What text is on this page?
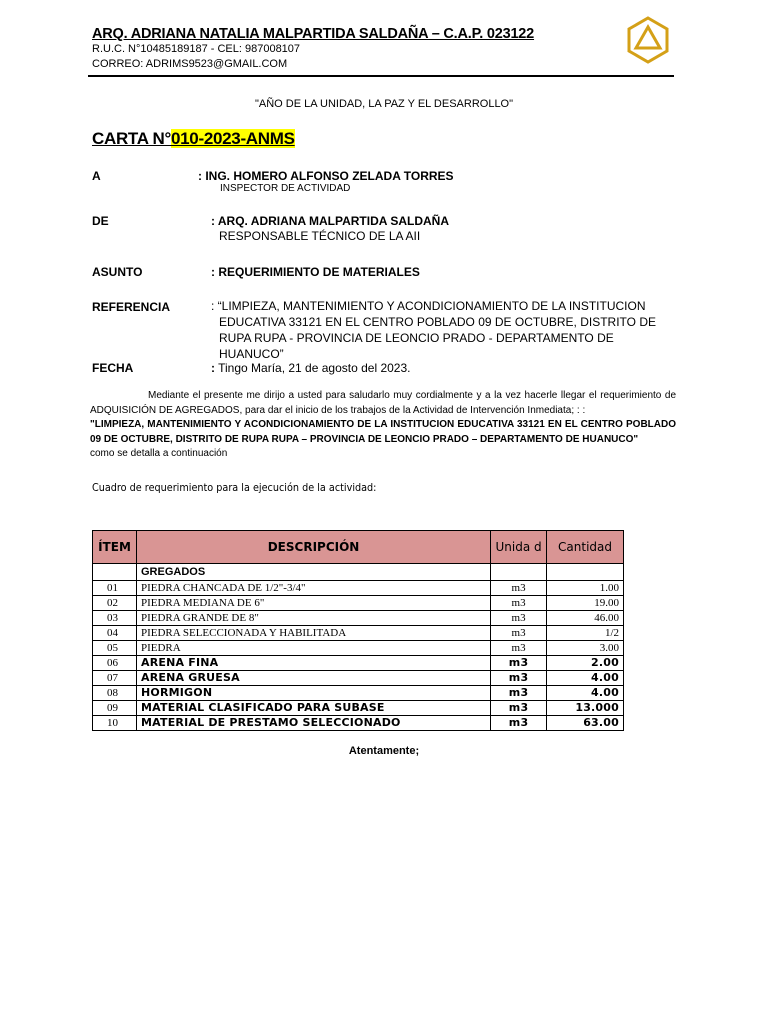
ARQ. ADRIANA NATALIA MALPARTIDA SALDAÑA – C.A.P. 023122
R.U.C. N°10485189187 - CEL: 987008107
CORREO: ADRIMS9523@GMAIL.COM
"AÑO DE LA UNIDAD, LA PAZ Y EL DESARROLLO"
CARTA N°010-2023-ANMS
A	: ING. HOMERO ALFONSO ZELADA TORRES
INSPECTOR DE ACTIVIDAD
DE	: ARQ. ADRIANA MALPARTIDA SALDAÑA
RESPONSABLE TÉCNICO DE LA AII
ASUNTO	: REQUERIMIENTO DE MATERIALES
REFERENCIA	: “LIMPIEZA, MANTENIMIENTO Y ACONDICIONAMIENTO DE LA INSTITUCION
EDUCATIVA 33121 EN EL CENTRO POBLADO 09 DE OCTUBRE, DISTRITO DE
RUPA RUPA - PROVINCIA DE LEONCIO PRADO - DEPARTAMENTO DE HUANUCO”
FECHA	: Tingo María, 21 de agosto del 2023.
Mediante el presente me dirijo a usted para saludarlo muy cordialmente y a la vez hacerle llegar el requerimiento de ADQUISICIÓN DE AGREGADOS, para dar el inicio de los trabajos de la Actividad de Intervención Inmediata; : :
"LIMPIEZA, MANTENIMIENTO Y ACONDICIONAMIENTO DE LA INSTITUCION EDUCATIVA 33121 EN EL CENTRO POBLADO 09 DE OCTUBRE, DISTRITO DE RUPA RUPA – PROVINCIA DE LEONCIO PRADO – DEPARTAMENTO DE HUANUCO"
como se detalla a continuación
Cuadro de requerimiento para la ejecución de la actividad:
ÍTEM	DESCRIPCIÓN	Unida d	Cantidad
	GREGADOS		
01	PIEDRA CHANCADA DE 1/2"-3/4"	m3	1.00
02	PIEDRA MEDIANA DE 6"	m3	19.00
03	PIEDRA GRANDE DE 8"	m3	46.00
04	PIEDRA SELECCIONADA Y HABILITADA	m3	1/2
05	PIEDRA	m3	3.00
06	ARENA FINA	m3	2.00
07	ARENA GRUESA	m3	4.00
08	HORMIGON	m3	4.00
09	MATERIAL CLASIFICADO PARA SUBASE	m3	13.000
10	MATERIAL DE PRESTAMO SELECCIONADO	m3	63.00
Atentamente;
